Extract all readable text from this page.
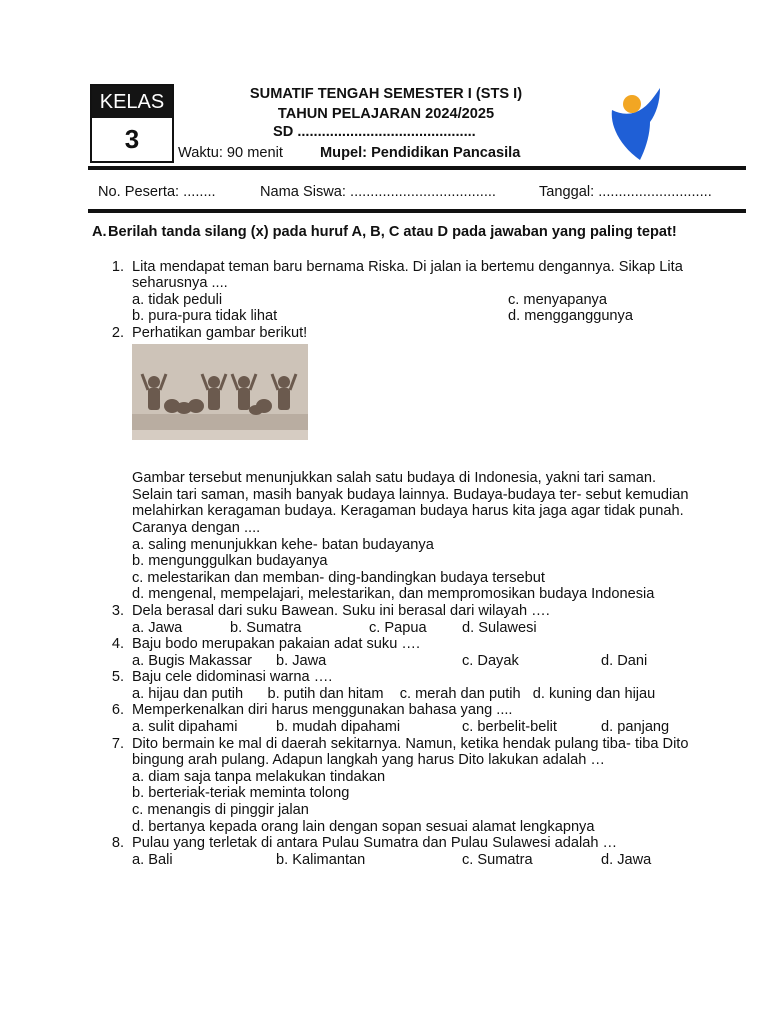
KELAS
3
SUMATIF TENGAH SEMESTER I (STS I)
TAHUN PELAJARAN 2024/2025
SD ............................................
Waktu: 90 menit	Mupel: Pendidikan Pancasila
No. Peserta: ........	Nama Siswa: ....................................	Tanggal: ............................
A. Berilah tanda silang (x) pada huruf A, B, C atau D pada jawaban yang paling tepat!
1. Lita mendapat teman baru bernama Riska. Di jalan ia bertemu dengannya. Sikap Lita seharusnya ....
a. tidak peduli	c. menyapanya
b. pura-pura tidak lihat	d. mengganggunya
2. Perhatikan gambar berikut!
Gambar tersebut menunjukkan salah satu budaya di Indonesia, yakni tari saman. Selain tari saman, masih banyak budaya lainnya. Budaya-budaya ter- sebut kemudian melahirkan keragaman budaya. Keragaman budaya harus kita jaga agar tidak punah. Caranya dengan ....
a. saling menunjukkan kehe- batan budayanya
b. mengunggulkan budayanya
c. melestarikan dan memban- ding-bandingkan budaya tersebut
d. mengenal, mempelajari, melestarikan, dan mempromosikan budaya Indonesia
3. Dela berasal dari suku Bawean. Suku ini berasal dari wilayah ….
a. Jawa	b. Sumatra	c. Papua	d. Sulawesi
4. Baju bodo merupakan pakaian adat suku ….
a. Bugis Makassar	b. Jawa	c. Dayak	d. Dani
5. Baju cele didominasi warna ….
a. hijau dan putih      b. putih dan hitam    c. merah dan putih   d. kuning dan hijau
6. Memperkenalkan diri harus menggunakan bahasa yang ....
a. sulit dipahami	b. mudah dipahami	c. berbelit-belit	d. panjang
7. Dito bermain ke mal di daerah sekitarnya. Namun, ketika hendak pulang tiba- tiba Dito bingung arah pulang. Adapun langkah yang harus Dito lakukan adalah …
a. diam saja tanpa melakukan tindakan
b. berteriak-teriak meminta tolong
c. menangis di pinggir jalan
d. bertanya kepada orang lain dengan sopan sesuai alamat lengkapnya
8. Pulau yang terletak di antara Pulau Sumatra dan Pulau Sulawesi adalah …
a. Bali	b. Kalimantan	c. Sumatra	d. Jawa
